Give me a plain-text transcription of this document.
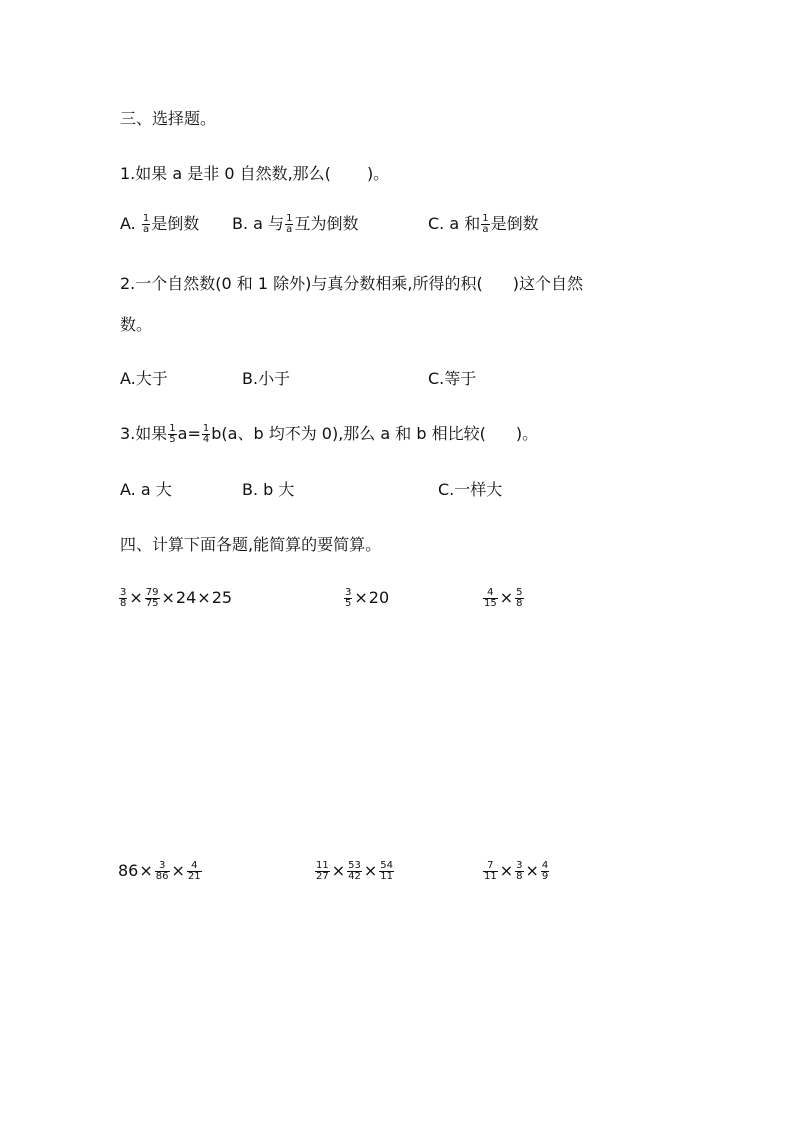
三、选择题。
1.如果 a 是非 0 自然数,那么( )。
A. $\frac{1}{a}$ 是倒数 B. a 与 $\frac{1}{a}$ 互为倒数	C. a 和 $\frac{1}{a}$ 是倒数
2.一个自然数(0 和 1 除外)与真分数相乘,所得的积( )这个自然
数。
A.大于	B.小于	C.等于
3.如果 $\frac{1}{5} a= \frac{1}{4} b(a$、b 均不为 0),那么 a 和 b 相比较( )。
A. a 大	B. b 大	C.一样大
四、计算下面各题,能简算的要简算。
$\frac{3}{8} \times \frac{79}{75} \times 24\times 25$	$\frac{3}{5} \times 20$	$\frac{4}{15} \times \frac{5}{8}$
$86\times \frac{3}{86} \times \frac{4}{21}$	$\frac{11}{27} \times \frac{53}{42} \times \frac{54}{11}$	$\frac{7}{11} \times \frac{3}{8} \times \frac{4}{9}$
